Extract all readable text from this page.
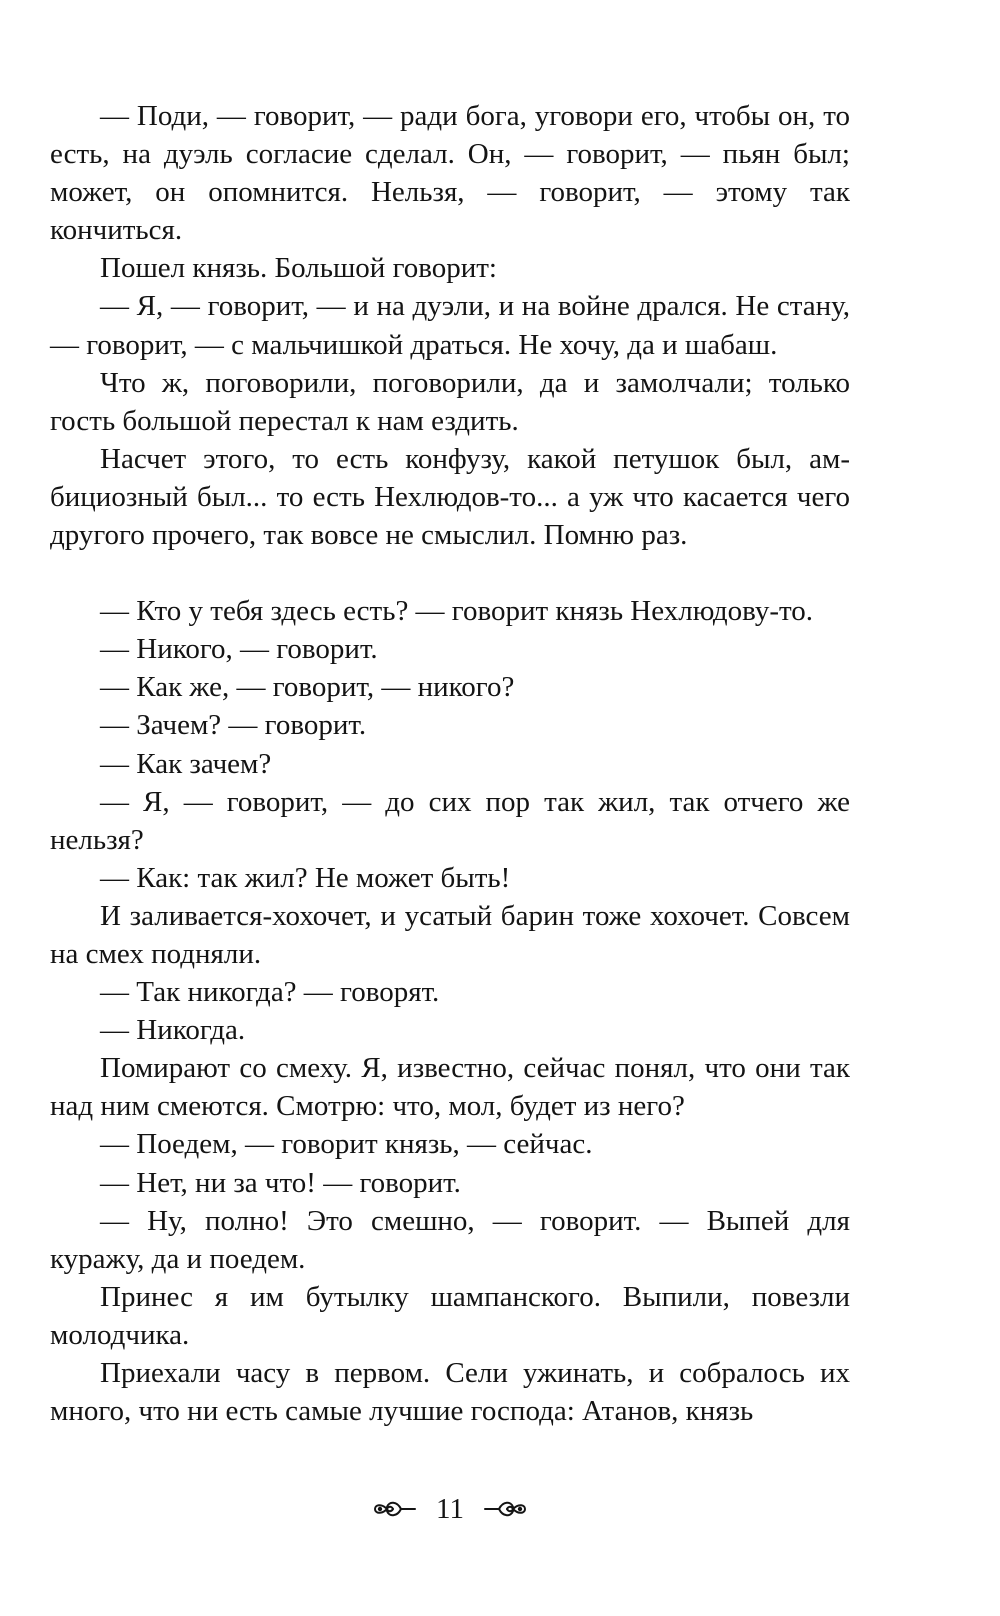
— Поди, — говорит, — ради бога, уговори его, чтобы он, то есть, на дуэль согласие сделал. Он, — говорит, — пьян был; может, он опомнится. Нельзя, — говорит, — этому так кончиться.

Пошел князь. Большой говорит:

— Я, — говорит, — и на дуэли, и на войне дрался. Не стану, — говорит, — с мальчишкой драться. Не хочу, да и шабаш.

Что ж, поговорили, поговорили, да и замолчали; только гость большой перестал к нам ездить.

Насчет этого, то есть конфузу, какой петушок был, амбициозный был... то есть Нехлюдов-то... а уж что касается чего другого прочего, так вовсе не смыслил. Помню раз.

— Кто у тебя здесь есть? — говорит князь Нехлюдову-то.

— Никого, — говорит.

— Как же, — говорит, — никого?

— Зачем? — говорит.

— Как зачем?

— Я, — говорит, — до сих пор так жил, так отчего же нельзя?

— Как: так жил? Не может быть!

И заливается-хохочет, и усатый барин тоже хохочет. Совсем на смех подняли.

— Так никогда? — говорят.

— Никогда.

Помирают со смеху. Я, известно, сейчас понял, что они так над ним смеются. Смотрю: что, мол, будет из него?

— Поедем, — говорит князь, — сейчас.

— Нет, ни за что! — говорит.

— Ну, полно! Это смешно, — говорит. — Выпей для куражу, да и поедем.

Принес я им бутылку шампанского. Выпили, повезли молодчика.

Приехали часу в первом. Сели ужинать, и собралось их много, что ни есть самые лучшие господа: Атанов, князь

11
